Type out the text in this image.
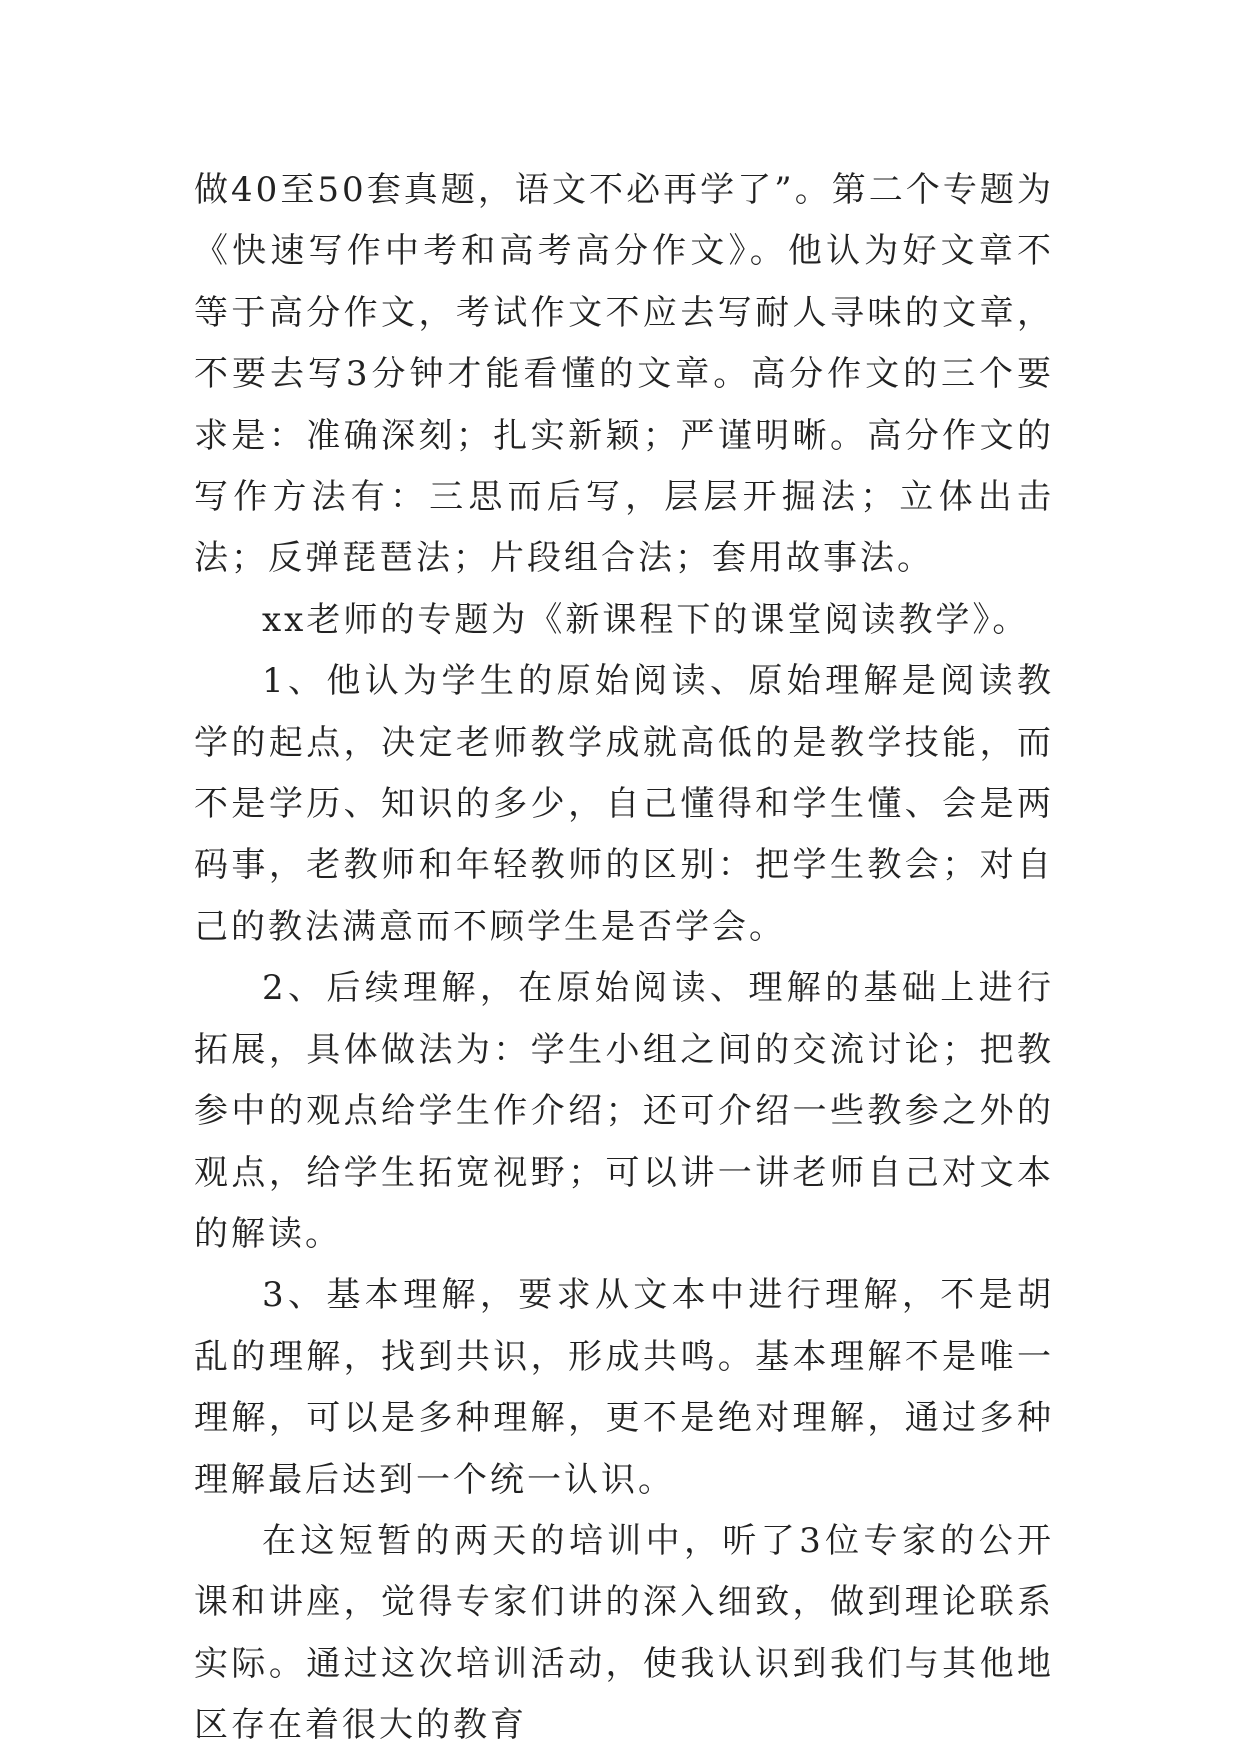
做40至50套真题，语文不必再学了”。第二个专题为《快速写作中考和高考高分作文》。他认为好文章不等于高分作文，考试作文不应去写耐人寻味的文章，不要去写3分钟才能看懂的文章。高分作文的三个要求是：准确深刻；扎实新颖；严谨明晰。高分作文的写作方法有：三思而后写，层层开掘法；立体出击法；反弹琵琶法；片段组合法；套用故事法。

xx老师的专题为《新课程下的课堂阅读教学》。

1、他认为学生的原始阅读、原始理解是阅读教学的起点，决定老师教学成就高低的是教学技能，而不是学历、知识的多少，自己懂得和学生懂、会是两码事，老教师和年轻教师的区别：把学生教会；对自己的教法满意而不顾学生是否学会。

2、后续理解，在原始阅读、理解的基础上进行拓展，具体做法为：学生小组之间的交流讨论；把教参中的观点给学生作介绍；还可介绍一些教参之外的观点，给学生拓宽视野；可以讲一讲老师自己对文本的解读。

3、基本理解，要求从文本中进行理解，不是胡乱的理解，找到共识，形成共鸣。基本理解不是唯一理解，可以是多种理解，更不是绝对理解，通过多种理解最后达到一个统一认识。

在这短暂的两天的培训中，听了3位专家的公开课和讲座，觉得专家们讲的深入细致，做到理论联系实际。通过这次培训活动，使我认识到我们与其他地区存在着很大的教育
